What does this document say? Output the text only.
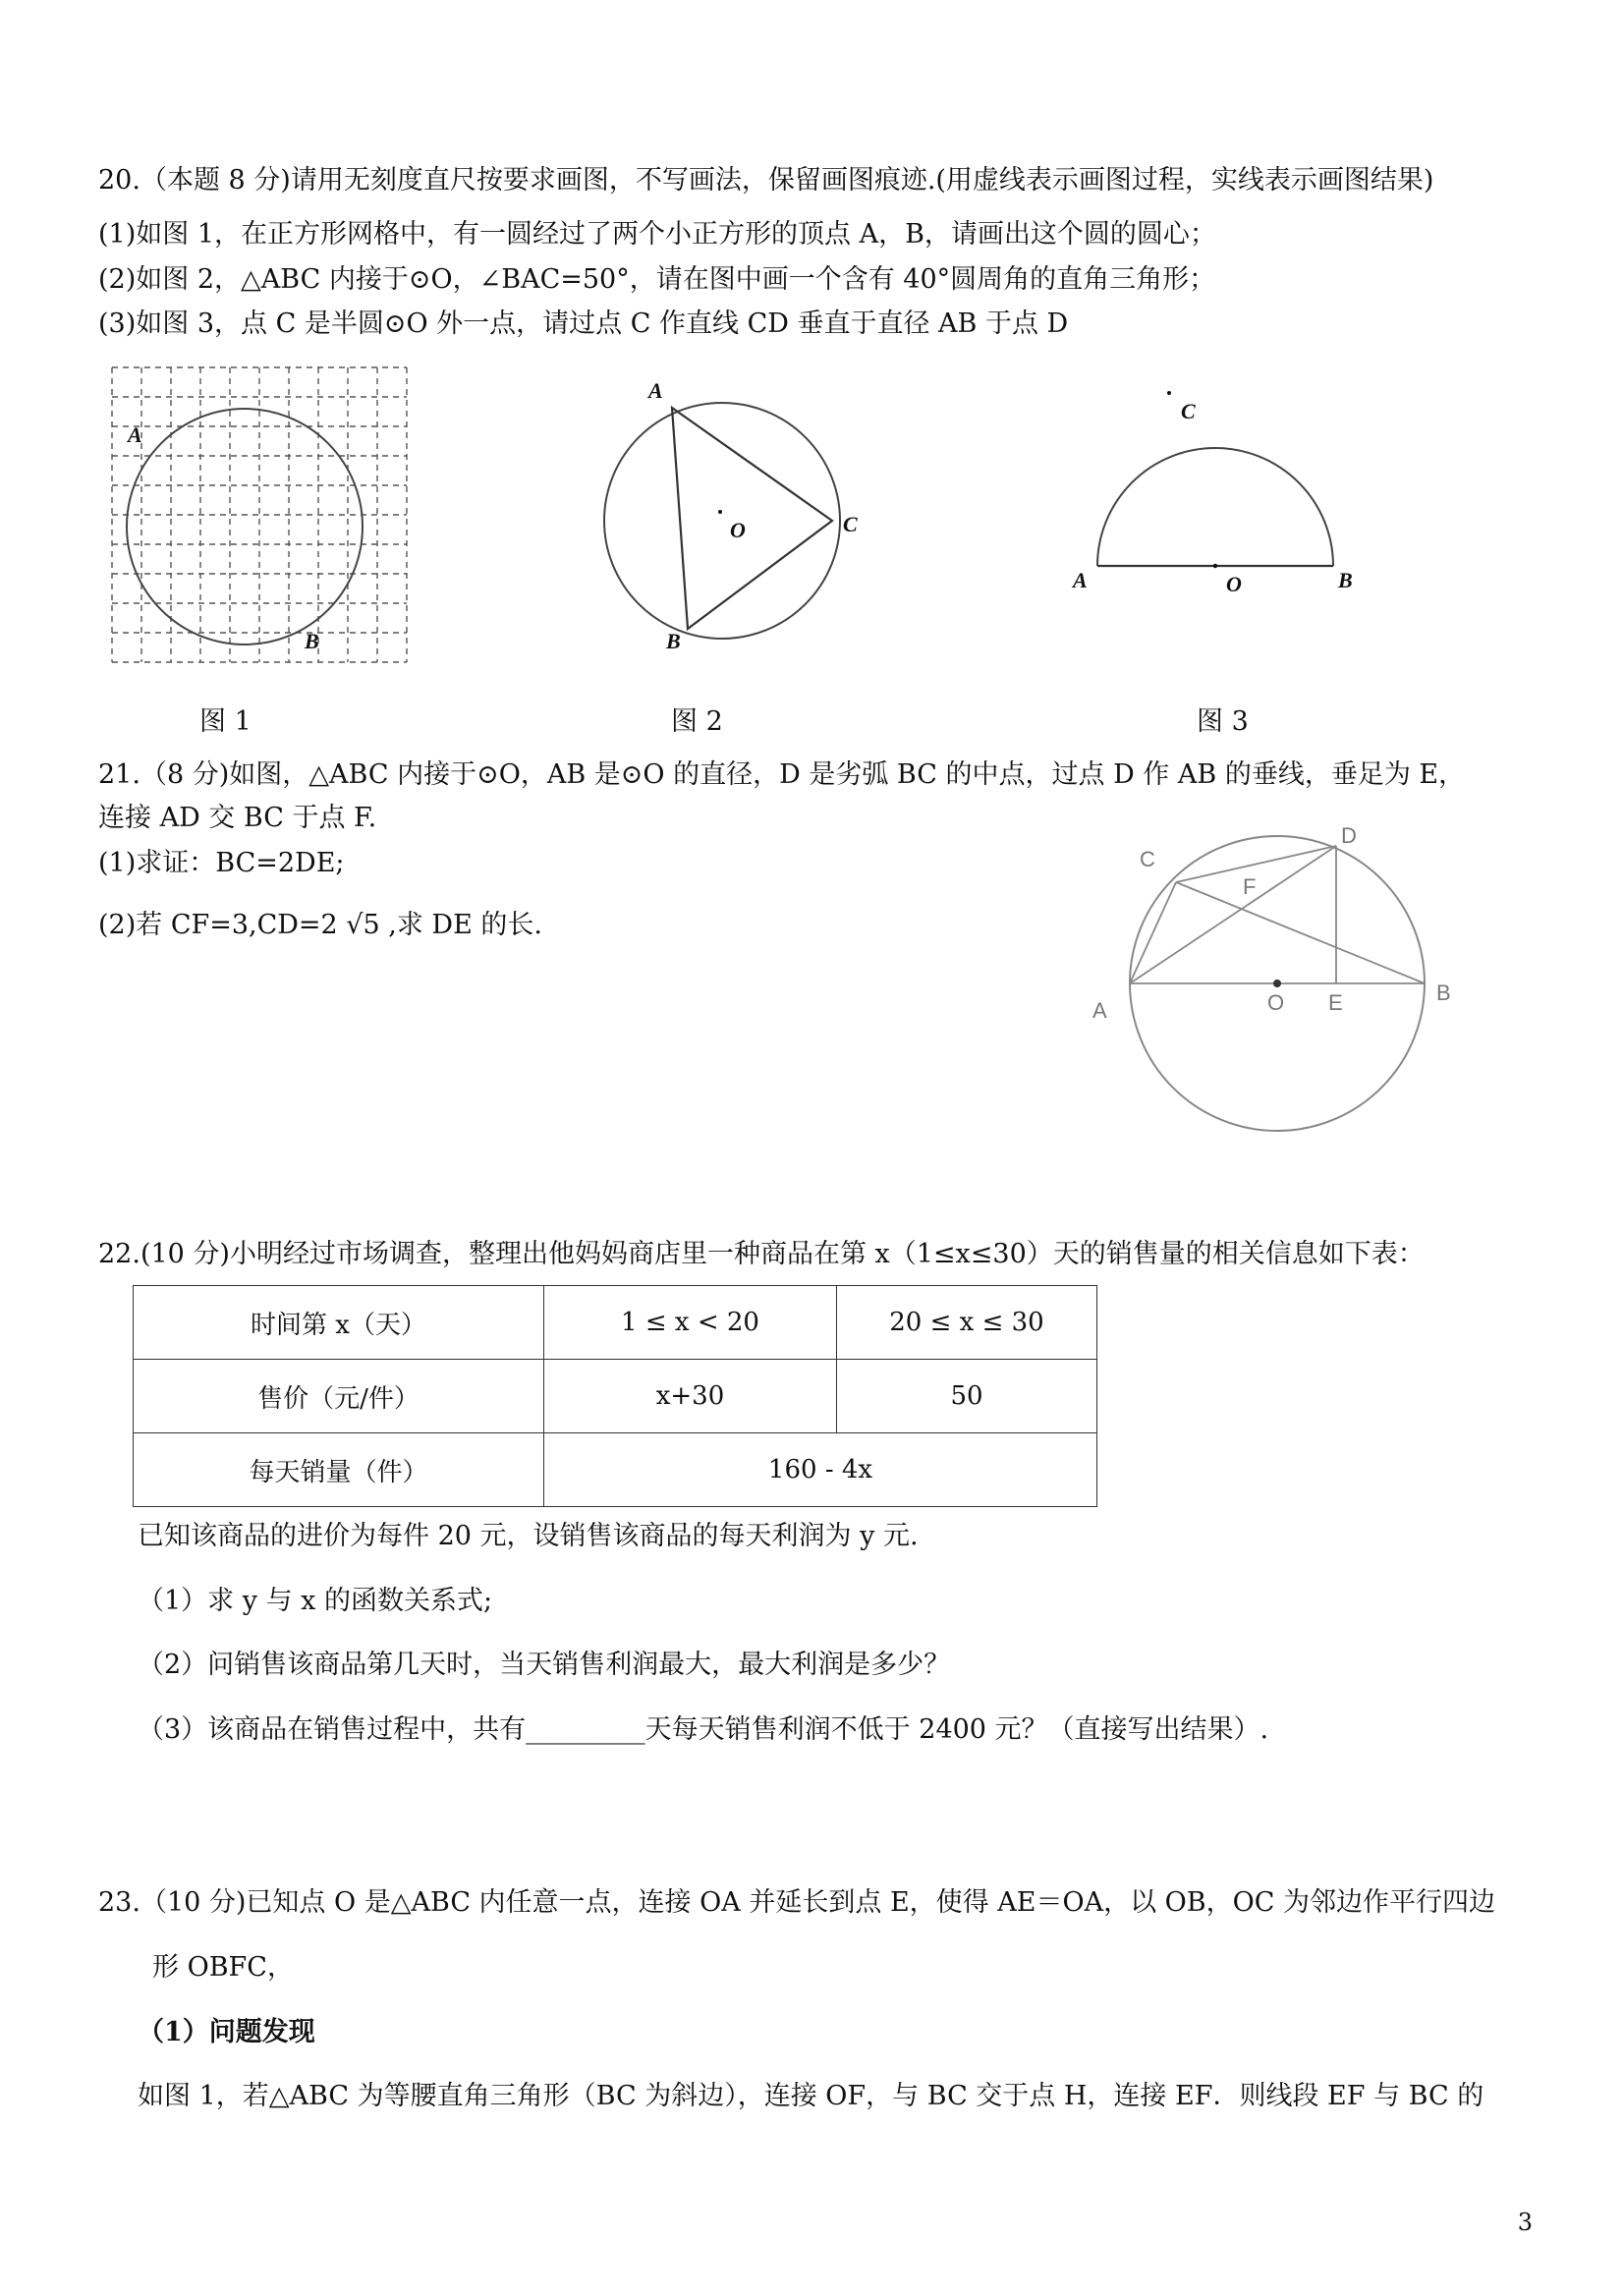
20.（本题 8 分)请用无刻度直尺按要求画图，不写画法，保留画图痕迹.(用虚线表示画图过程，实线表示画图结果)
(1)如图 1，在正方形网格中，有一圆经过了两个小正方形的顶点 A，B，请画出这个圆的圆心；
(2)如图 2，△ABC 内接于⊙O，∠BAC=50°，请在图中画一个含有 40°圆周角的直角三角形；
(3)如图 3，点 C 是半圆⊙O 外一点，请过点 C 作直线 CD 垂直于直径 AB 于点 D
A
B
图 1
A
B
C
O
图 2
C
A	O	B
图 3
21.（8 分)如图，△ABC 内接于⊙O，AB 是⊙O 的直径，D 是劣弧 BC 的中点，过点 D 作 AB 的垂线，垂足为 E，
连接 AD 交 BC 于点 F.
(1)求证：BC=2DE;
(2)若 CF=3,CD=2 √5 ,求 DE 的长.
C
D
F
A	O E	B
22.(10 分)小明经过市场调查，整理出他妈妈商店里一种商品在第 x（1≤x≤30）天的销售量的相关信息如下表：
时间第 x（天）	1 ≤ x < 20	20 ≤ x ≤ 30
售价（元/件）	x+30	50
每天销量（件）	160 - 4x	
已知该商品的进价为每件 20 元，设销售该商品的每天利润为 y 元.
（1）求 y 与 x 的函数关系式;
（2）问销售该商品第几天时，当天销售利润最大，最大利润是多少？
（3）该商品在销售过程中，共有_________天每天销售利润不低于 2400 元？（直接写出结果）.
23.（10 分)已知点 O 是△ABC 内任意一点，连接 OA 并延长到点 E，使得 AE＝OA，以 OB，OC 为邻边作平行四边
形 OBFC，
（1）问题发现
如图 1，若△ABC 为等腰直角三角形（BC 为斜边），连接 OF，与 BC 交于点 H，连接 EF．则线段 EF 与 BC 的
3
